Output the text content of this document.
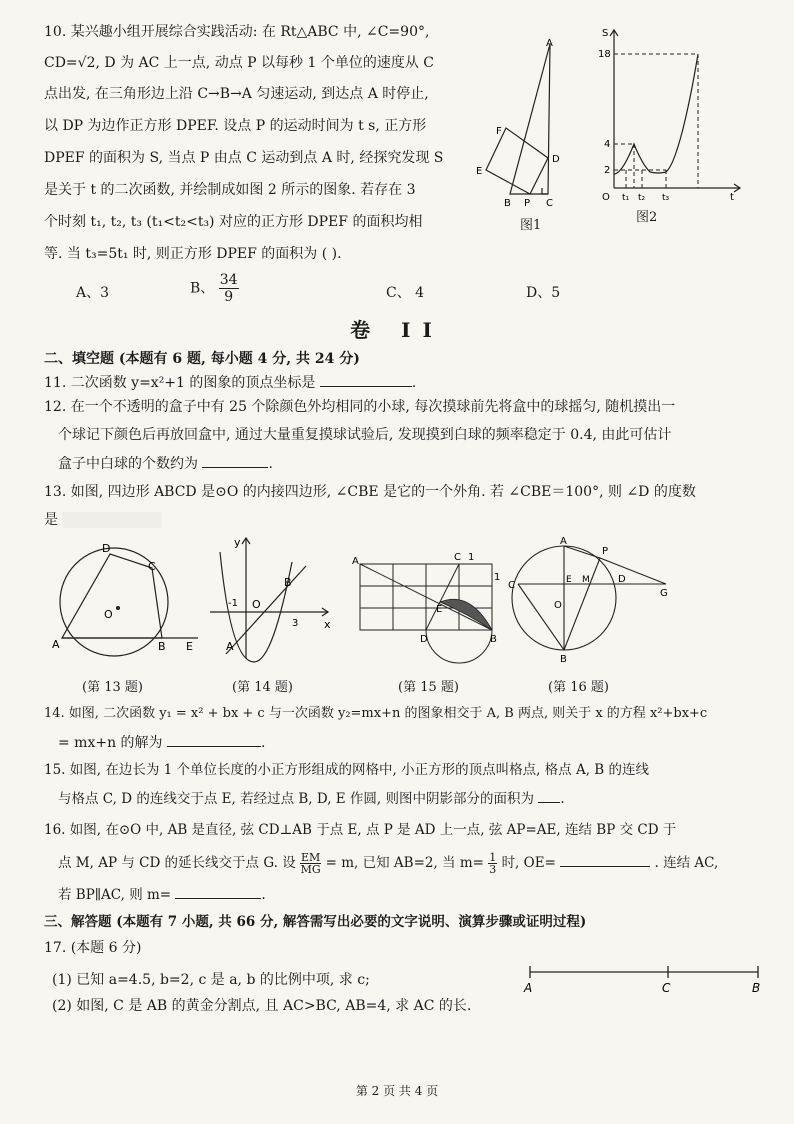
10. 某兴趣小组开展综合实践活动: 在 Rt△ABC 中, ∠C=90°,
CD=√2, D 为 AC 上一点, 动点 P 以每秒 1 个单位的速度从 C
点出发, 在三角形边上沿 C→B→A 匀速运动, 到达点 A 时停止,
以 DP 为边作正方形 DPEF. 设点 P 的运动时间为 t s, 正方形
DPEF 的面积为 S, 当点 P 由点 C 运动到点 A 时, 经探究发现 S
是关于 t 的二次函数, 并绘制成如图 2 所示的图象. 若存在 3
个时刻 t₁, t₂, t₃ (t₁<t₂<t₃) 对应的正方形 DPEF 的面积均相
等. 当 t₃=5t₁ 时, 则正方形 DPEF 的面积为 ( ).
A、3	B、 $\frac{34}{9}$	C、 4	D、5
A
F
D
E
B P C
图1
S
18
4
2
O t₁ t₂ t₃	t
图2
卷 II
二、填空题 (本题有 6 题, 每小题 4 分, 共 24 分)
11. 二次函数 y=x²+1 的图象的顶点坐标是	.
12. 在一个不透明的盒子中有 25 个除颜色外均相同的小球, 每次摸球前先将盒中的球摇匀, 随机摸出一
个球记下颜色后再放回盒中, 通过大量重复摸球试验后, 发现摸到白球的频率稳定于 0.4, 由此可估计
盒子中白球的个数约为	.
13. 如图, 四边形 ABCD 是⊙O 的内接四边形, ∠CBE 是它的一个外角. 若 ∠CBE＝100°, 则 ∠D 的度数
是
D
C
O
A	B E
y
B
-1 O
3 x
A
A	C 1
1
E
D	B
A
P
C	E M	D
G
O
B
(第 13 题)	(第 14 题)	(第 15 题)	(第 16 题)
14. 如图, 二次函数 y₁ = x² + bx + c 与一次函数 y₂=mx+n 的图象相交于 A, B 两点, 则关于 x 的方程 x²+bx+c
= mx+n 的解为	.
15. 如图, 在边长为 1 个单位长度的小正方形组成的网格中, 小正方形的顶点叫格点, 格点 A, B 的连线
与格点 C, D 的连线交于点 E, 若经过点 B, D, E 作圆, 则图中阴影部分的面积为 .
16. 如图, 在⊙O 中, AB 是直径, 弦 CD⊥AB 于点 E, 点 P 是 AD 上一点, 弦 AP=AE, 连结 BP 交 CD 于
点 M, AP 与 CD 的延长线交于点 G. 设 $\frac{EM}{MG} = m$, 已知 AB=2, 当 $m= \frac{1}{3}$ 时, OE=	. 连结 AC,
若 BP∥AC, 则 m=	.
三、解答题 (本题有 7 小题, 共 66 分, 解答需写出必要的文字说明、演算步骤或证明过程)
17. (本题 6 分)
(1) 已知 a=4.5, b=2, c 是 a, b 的比例中项, 求 c;
(2) 如图, C 是 AB 的黄金分割点, 且 AC>BC, AB=4, 求 AC 的长.
A	C	B
第 2 页 共 4 页
